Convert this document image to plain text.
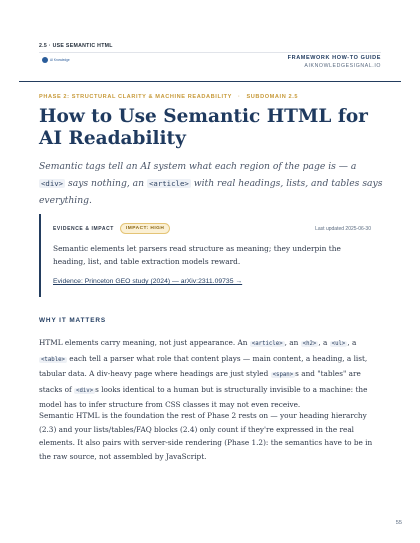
2.5 · USE SEMANTIC HTML
AI Knowledge	FRAMEWORK HOW-TO GUIDE
AIKNOWLEDGESIGNAL.IO
PHASE 2: STRUCTURAL CLARITY & MACHINE READABILITY · SUBDOMAIN 2.5
How to Use Semantic HTML for AI Readability

Semantic tags tell an AI system what each region of the page is — a <div> says nothing, an <article> with real headings, lists, and tables says everything.

EVIDENCE & IMPACT	IMPACT: HIGH	Last updated 2025-06-30

Semantic elements let parsers read structure as meaning; they underpin the heading, list, and table extraction models reward.

Evidence: Princeton GEO study (2024) — arXiv:2311.09735 →
WHY IT MATTERS

HTML elements carry meaning, not just appearance. An <article> , an <h2> , a <ul> , a <table> each tell a parser what role that content plays — main content, a heading, a list, tabular data. A div-heavy page where headings are just styled <span> s and "tables" are stacks of <div> s looks identical to a human but is structurally invisible to a machine: the model has to infer structure from CSS classes it may not even receive.

Semantic HTML is the foundation the rest of Phase 2 rests on — your heading hierarchy (2.3) and your lists/tables/FAQ blocks (2.4) only count if they're expressed in the real elements. It also pairs with server-side rendering (Phase 1.2): the semantics have to be in the raw source, not assembled by JavaScript.

55
